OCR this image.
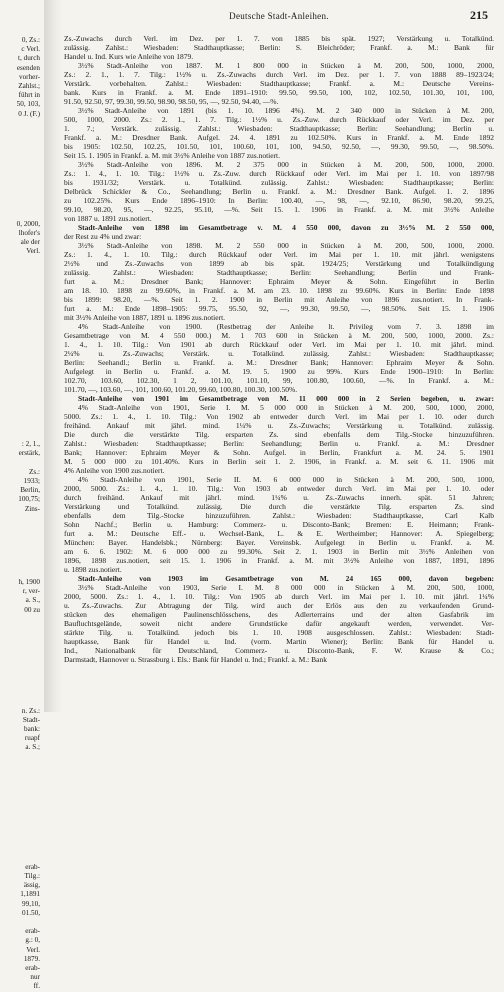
0, Zs.:
c Verl.
t, durch
esenden
vorher-
Zahlst.;
führt in
50, 103,
0 J. (F.)
0, 2000,
lhofer's
ale der
Verl.
: 2, 1.,
erstärk,
Zs.:
1933;
Berlin,
100,75;
Zins-
h, 1900
r, ver-
a. S.,
00 zu
n. Zs.:
Stadt-
bank:
ruapf
a. S.;
erab-
Tilg.:
ässig,
1,1891
99,10,
01.50,
erab-
g.: 0,
Verl.
1879.
erab-
nur
ff.
Deutsche Stadt-Anleihen.	215
Zs.-Zuwachs durch Verl. im Dez. per 1. 7. von 1885 bis spät. 1927; Verstärkung u. Totalkünd.
zulässig. Zahlst.: Wiesbaden: Stadthauptkasse; Berlin: S. Bleichröder; Frankf. a. M.: Bank für
Handel u. Ind. Kurs wie Anleihe von 1879.
3½% Stadt-Anleihe von 1887. M. 1 800 000 in Stücken à M. 200, 500, 1000, 2000,
Zs.: 2. 1., 1. 7. Tilg.: 1½% u. Zs.-Zuwachs durch Verl. im Dez. per 1. 7. von 1888 89–1923/24;
Verstärk. vorbehalten. Zahlst.: Wiesbaden: Stadthauptkasse; Frankf. a. M.: Deutsche Vereins-
bank. Kurs in Frankf. a. M. Ende 1891–1910: 99.50, 99.50, 100, 102, 102.50, 101.30, 101, 100,
91.50, 92.50, 97, 99.30, 99.50, 98.90, 98.50, 95, —, 92.50, 94.40, —%.
3½% Stadt-Anleihe von 1891 (bis 1. 10. 1896 4%). M. 2 340 000 in Stücken à M. 200,
500, 1000, 2000. Zs.: 2. 1., 1. 7. Tilg.: 1½% u. Zs.-Zuw. durch Rückkauf oder Verl. im Dez. per
1. 7.; Verstärk. zulässig. Zahlst.: Wiesbaden: Stadthauptkasse; Berlin: Seehandlung; Berlin u.
Frankf. a. M.: Dresdner Bank. Aufgel. 24. 4. 1891 zu 102.50%. Kurs in Frankf. a. M. Ende 1892
bis 1905: 102.50, 102.25, 101.50, 101, 100.60, 101, 100, 94.50, 92.50, —, 99.30, 99.50, —, 98.50%.
Seit 15. 1. 1905 in Frankf. a. M. mit 3½% Anleihe von 1887 zus.notiert.
3½% Stadt-Anleihe von 1896. M. 2 375 000 in Stücken à M. 200, 500, 1000, 2000.
Zs.: 1. 4., 1. 10. Tilg.: 1½% u. Zs.-Zuw. durch Rückkauf oder Verl. im Mai per 1. 10. von 1897/98
bis 1931/32; Verstärk. u. Totalkünd. zulässig. Zahlst.: Wiesbaden: Stadthauptkasse; Berlin:
Delbrück Schickler & Co., Seehandlung; Berlin u. Frankf. a. M.: Dresdner Bank. Aufgel. 1. 2. 1896
zu 102.25%. Kurs Ende 1896–1910: In Berlin: 100.40, —, 98, —, 92.10, 86.90, 98.20, 99.25,
99.10, 98.20, 95, —, 92.25, 95.10, —%. Seit 15. 1. 1906 in Frankf. a. M. mit 3½% Anleihe
von 1887 u. 1891 zus.notiert.
Stadt-Anleihe von 1898 im Gesamtbetrage v. M. 4 550 000, davon zu 3½% M. 2 550 000,
der Rest zu 4% und zwar:
3½% Stadt-Anleihe von 1898. M. 2 550 000 in Stücken à M. 200, 500, 1000, 2000.
Zs.: 1. 4., 1. 10. Tilg.: durch Rückkauf oder Verl. im Mai per 1. 10. mit jährl. wenigstens
2½% und Zs.-Zuwachs von 1899 ab bis spät. 1924/25; Verstärkung und Totalkündigung
zulässig. Zahlst.: Wiesbaden: Stadthauptkasse; Berlin: Seehandlung; Berlin und Frank-
furt a. M.: Dresdner Bank; Hannover: Ephraim Meyer & Sohn. Eingeführt in Berlin
am 18. 10. 1898 zu 99.60%, in Frankf. a. M. am 23. 10. 1898 zu 99.60%. Kurs in Berlin: Ende 1898
bis 1899: 98.20, —%. Seit 1. 2. 1900 in Berlin mit Anleihe von 1896 zus.notiert. In Frank-
furt a. M.: Ende 1898–1905: 99.75, 95.50, 92, —, 99.30, 99.50, —, 98.50%. Seit 15. 1. 1906
mit 3½% Anleihe von 1887, 1891 u. 1896 zus.notiert.
4% Stadt-Anleihe von 1900. (Restbetrag der Anleihe lt. Privileg vom 7. 3. 1898 im
Gesamtbetrage von M. 4 550 000.) M. 1 703 600 in Stücken à M. 200, 500, 1000, 2000. Zs.:
1. 4., 1. 10. Tilg.: Von 1901 ab durch Rückkauf oder Verl. im Mai per 1. 10. mit jährl. mind.
2¼% u. Zs.-Zuwachs; Verstärk. u. Totalkünd. zulässig. Zahlst.: Wiesbaden: Stadthauptkasse;
Berlin: Seehandl.; Berlin u. Frankf. a. M.: Dresdner Bank; Hannover: Ephraim Meyer & Sohn.
Aufgelegt in Berlin u. Frankf. a. M. 19. 5. 1900 zu 99%. Kurs Ende 1900–1910: In Berlin:
102.70, 103.60, 102.30, 1 2, 101.10, 101.10, 99, 100.80, 100.60, —%. In Frankf. a. M.:
101.70, —, 103.60, —, 101, 100.60, 101.20, 99.60, 100.80, 100.30, 100.50%.
Stadt-Anleihe von 1901 im Gesamtbetrage von M. 11 000 000 in 2 Serien begeben, u. zwar:
4% Stadt-Anleihe von 1901, Serie I. M. 5 000 000 in Stücken à M. 200, 500, 1000, 2000,
5000. Zs.: 1. 4., 1. 10. Tilg.: Von 1902 ab entweder durch Verl. im Mai per 1. 10. oder durch
freihänd. Ankauf mit jährl. mind. 1¼% u. Zs.-Zuwachs; Verstärkung u. Totalkünd. zulässig.
Die durch die verstärkte Tilg. ersparten Zs. sind ebenfalls dem Tilg.-Stocke hinzuzuführen.
Zahlst.: Wiesbaden: Stadthauptkasse; Berlin: Seehandlung; Berlin u. Frankf. a. M.: Dresdner
Bank; Hannover: Ephraim Meyer & Sohn. Aufgel. in Berlin, Frankfurt a. M. 24. 5. 1901
M. 5 000 000 zu 101.40%. Kurs in Berlin seit 1. 2. 1906, in Frankf. a. M. seit 6. 11. 1906 mit
4% Anleihe von 1900 zus.notiert.
4% Stadt-Anleihe von 1901, Serie II. M. 6 000 000 in Stücken à M. 200, 500, 1000,
2000, 5000. Zs.: 1. 4., 1. 10. Tilg.: Von 1903 ab entweder durch Verl. im Mai per 1. 10. oder
durch freihänd. Ankauf mit jährl. mind. 1¼% u. Zs.-Zuwachs innerh. spät. 51 Jahren;
Verstärkung und Totalkünd. zulässig. Die durch die verstärkte Tilg. ersparten Zs. sind
ebenfalls dem Tilg.-Stocke hinzuzuführen. Zahlst.: Wiesbaden: Stadthauptkasse, Carl Kalb
Sohn Nachf.; Berlin u. Hamburg: Commerz- u. Disconto-Bank; Bremen: E. Heimann; Frank-
furt a. M.: Deutsche Eff.- u. Wechsel-Bank, L. & E. Wertheimber; Hannover: A. Spiegelberg;
München: Bayer. Handelsbk.; Nürnberg: Bayer. Vereinsbk. Aufgelegt in Berlin u. Frankf. a. M.
am 6. 6. 1902: M. 6 000 000 zu 99.30%. Seit 2. 1. 1903 in Berlin mit 3½% Anleihen von
1896, 1898 zus.notiert, seit 15. 1. 1906 in Frankf. a. M. mit 3½% Anleihe von 1887, 1891, 1896
u. 1898 zus.notiert.
Stadt-Anleihe von 1903 im Gesamtbetrage von M. 24 165 000, davon begeben:
3½% Stadt-Anleihe von 1903, Serie I. M. 8 000 000 in Stücken à M. 200, 500, 1000,
2000, 5000. Zs.: 1. 4., 1. 10. Tilg.: Von 1905 ab durch Verl. im Mai per 1. 10. mit jährl. 1¼%
u. Zs.-Zuwachs. Zur Abtragung der Tilg. wird auch der Erlös aus den zu verkaufenden Grund-
stücken des ehemaligen Paulinenschlösschens, des Adlerterrains und der alten Gasfabrik im
Baufluchtsgelände, soweit nicht andere Grundstücke dafür angekauft werden, verwendet. Ver-
stärkte Tilg. u. Totalkünd. jedoch bis 1. 10. 1908 ausgeschlossen. Zahlst.: Wiesbaden: Stadt-
hauptkasse, Bank für Handel u. Ind. (vorm. Martin Wiener); Berlin: Bank für Handel u.
Ind., Nationalbank für Deutschland, Commerz- u. Disconto-Bank, F. W. Krause & Co.;
Darmstadt, Hannover u. Strassburg i. Els.: Bank für Handel u. Ind.; Frankf. a. M.: Bank
